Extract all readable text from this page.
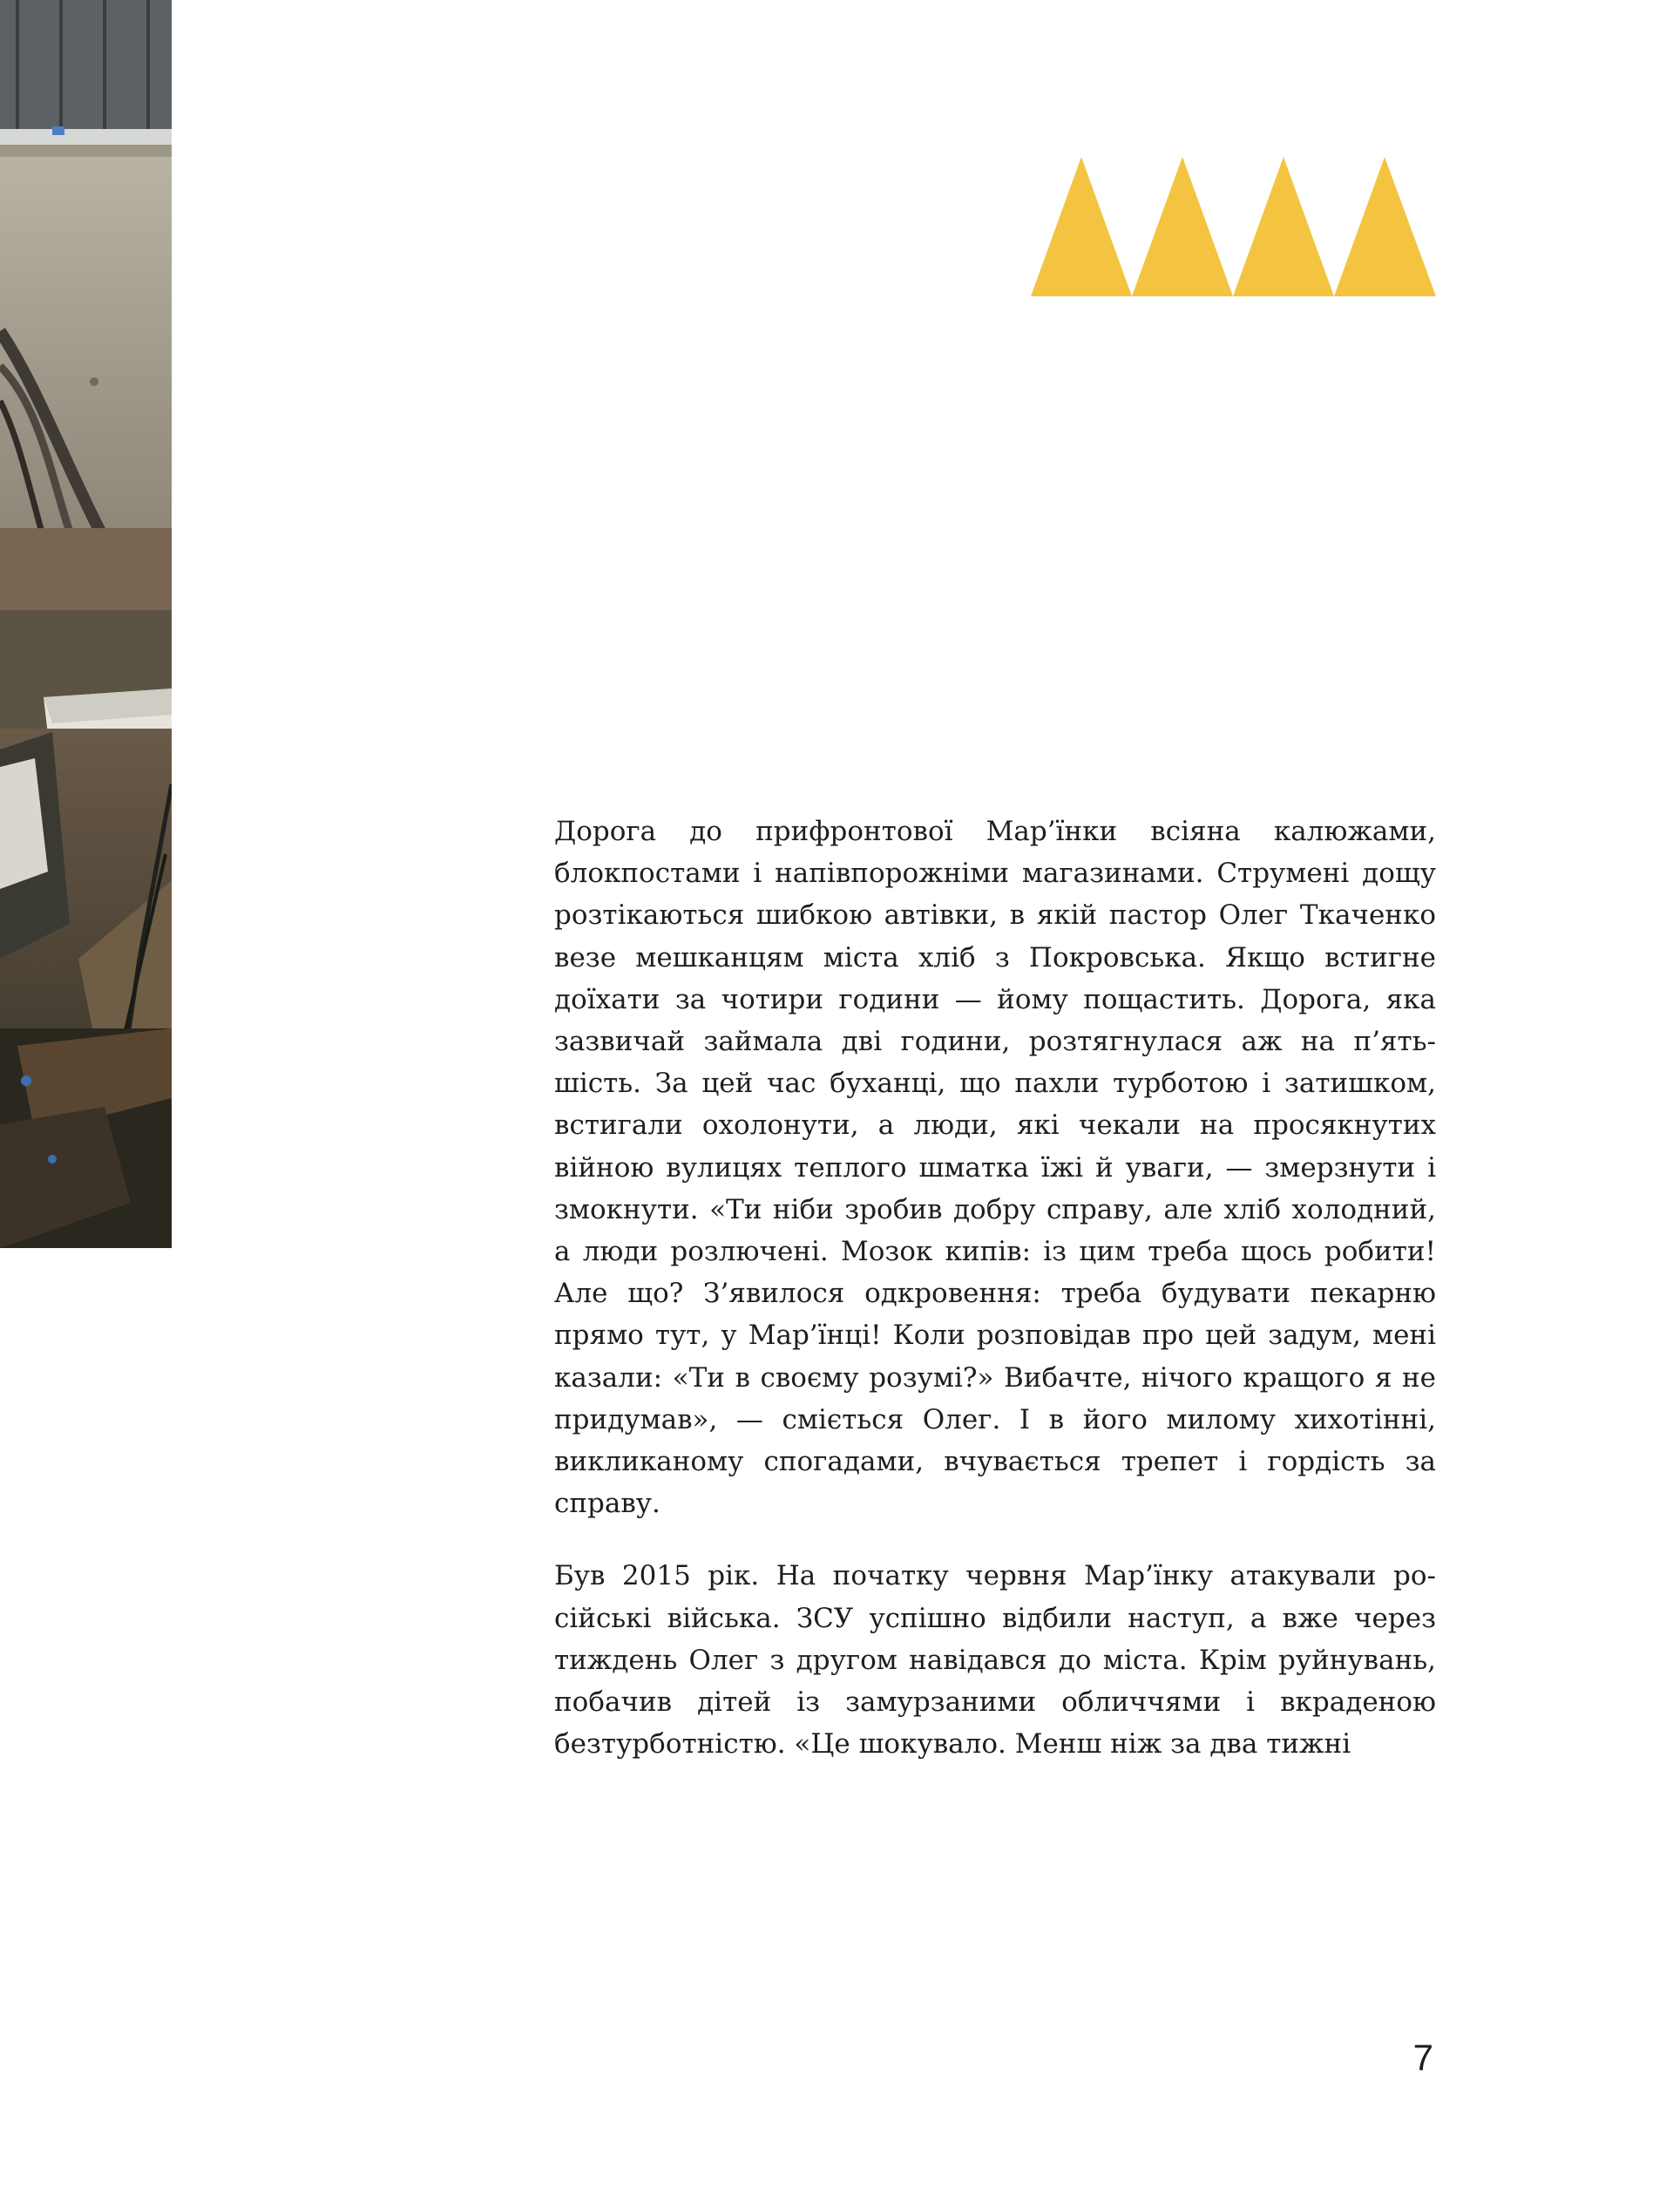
Дорога до прифронтової Мар’їнки всіяна калюжами, блокпостами і напівпорожніми магазинами. Струмені дощу розтікаються шибкою автівки, в якій пастор Олег Ткаченко везе мешканцям міста хліб з Покровська. Якщо встигне доїхати за чотири години — йому пощастить. Дорога, яка зазвичай займала дві години, розтягнулася аж на п’ять-шість. За цей час буханці, що пахли турботою і затишком, встигали охолонути, а люди, які чекали на просякнутих війною вулицях теплого шматка їжі й уваги, — змерзнути і змокнути. «Ти ніби зробив добру справу, але хліб холодний, а люди розлючені. Мозок кипів: із цим треба щось робити! Але що? З’явилося одкровення: треба будувати пекарню прямо тут, у Мар’їнці! Коли розповідав про цей задум, мені казали: «Ти в своєму розумі?» Вибачте, нічого кращого я не придумав», — сміється Олег. І в його милому хихотінні, викликаному спогадами, вчувається трепет і гордість за справу.

Був 2015 рік. На початку червня Мар’їнку атакували російські війська. ЗСУ успішно відбили наступ, а вже через тиждень Олег з другом навідався до міста. Крім руйнувань, побачив дітей із замурзаними обличчями і вкраденою безтурботністю. «Це шокувало. Менш ніж за два тижні

7
